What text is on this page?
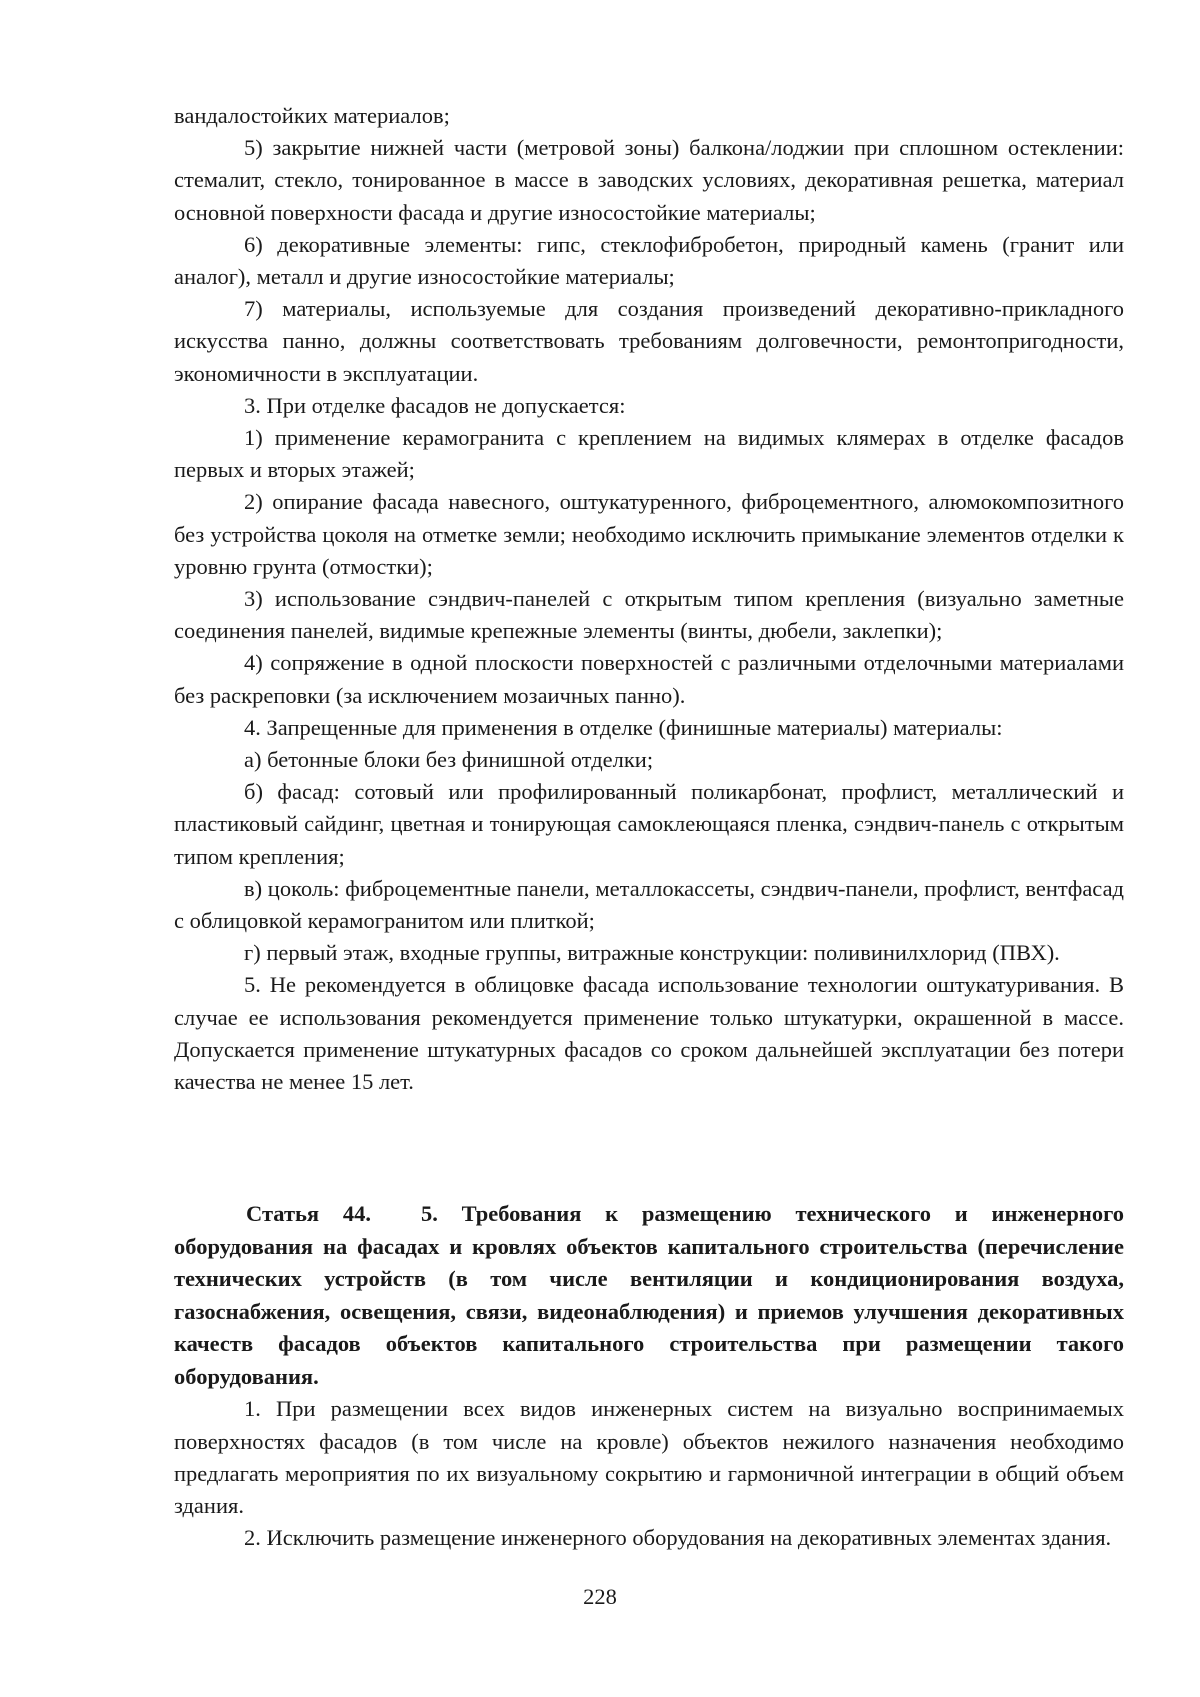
вандалостойких материалов;

5) закрытие нижней части (метровой зоны) балкона/лоджии при сплошном остеклении: стемалит, стекло, тонированное в массе в заводских условиях, декоративная решетка, материал основной поверхности фасада и другие износостойкие материалы;

6) декоративные элементы: гипс, стеклофибробетон, природный камень (гранит или аналог), металл и другие износостойкие материалы;

7) материалы, используемые для создания произведений декоративно-прикладного искусства панно, должны соответствовать требованиям долговечности, ремонтопригодности, экономичности в эксплуатации.

3. При отделке фасадов не допускается:

1) применение керамогранита с креплением на видимых клямерах в отделке фасадов первых и вторых этажей;

2) опирание фасада навесного, оштукатуренного, фиброцементного, алюмокомпозитного без устройства цоколя на отметке земли; необходимо исключить примыкание элементов отделки к уровню грунта (отмостки);

3) использование сэндвич-панелей с открытым типом крепления (визуально заметные соединения панелей, видимые крепежные элементы (винты, дюбели, заклепки);

4) сопряжение в одной плоскости поверхностей с различными отделочными материалами без раскреповки (за исключением мозаичных панно).

4. Запрещенные для применения в отделке (финишные материалы) материалы:

а) бетонные блоки без финишной отделки;

б) фасад: сотовый или профилированный поликарбонат, профлист, металлический и пластиковый сайдинг, цветная и тонирующая самоклеющаяся пленка, сэндвич-панель с открытым типом крепления;

в) цоколь: фиброцементные панели, металлокассеты, сэндвич-панели, профлист, вентфасад с облицовкой керамогранитом или плиткой;

г) первый этаж, входные группы, витражные конструкции: поливинилхлорид (ПВХ).

5. Не рекомендуется в облицовке фасада использование технологии оштукатуривания. В случае ее использования рекомендуется применение только штукатурки, окрашенной в массе. Допускается применение штукатурных фасадов со сроком дальнейшей эксплуатации без потери качества не менее 15 лет.

Статья 44. 5. Требования к размещению технического и инженерного оборудования на фасадах и кровлях объектов капитального строительства (перечисление технических устройств (в том числе вентиляции и кондиционирования воздуха, газоснабжения, освещения, связи, видеонаблюдения) и приемов улучшения декоративных качеств фасадов объектов капитального строительства при размещении такого оборудования.

1. При размещении всех видов инженерных систем на визуально воспринимаемых поверхностях фасадов (в том числе на кровле) объектов нежилого назначения необходимо предлагать мероприятия по их визуальному сокрытию и гармоничной интеграции в общий объем здания.

2. Исключить размещение инженерного оборудования на декоративных элементах здания.

228
